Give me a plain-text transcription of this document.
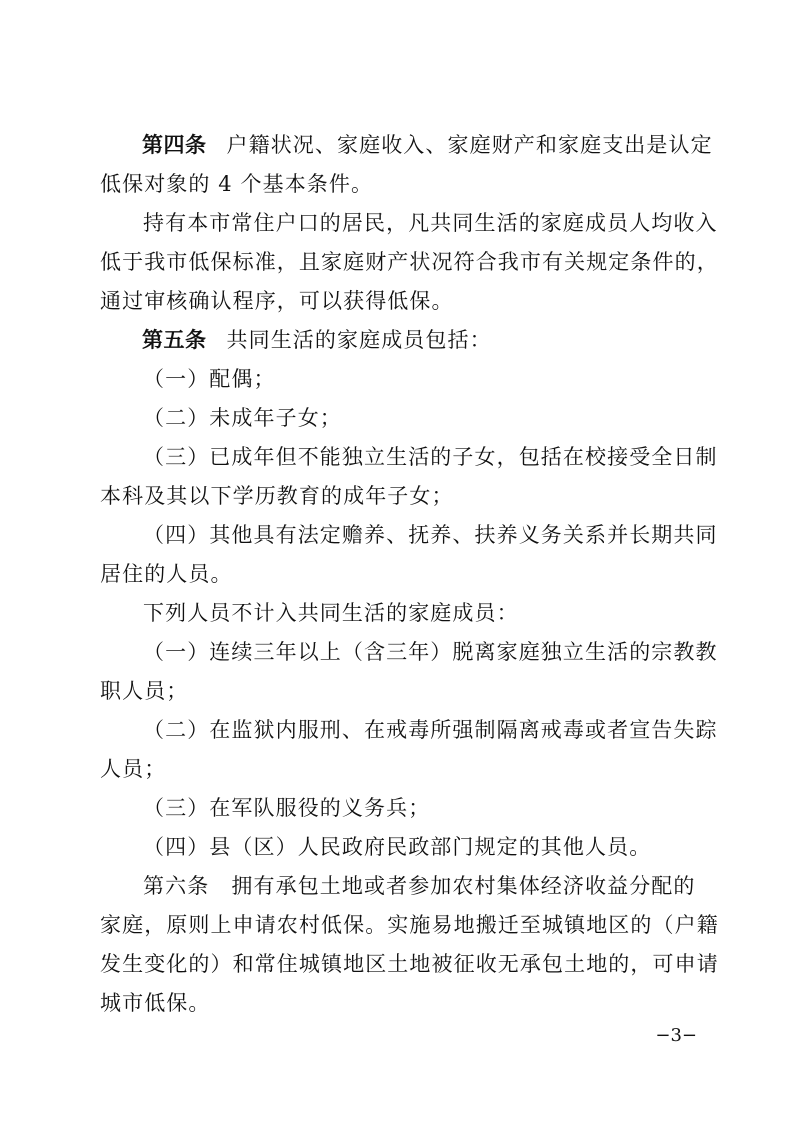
第四条 户籍状况、家庭收入、家庭财产和家庭支出是认定
低保对象的 4 个基本条件。
持有本市常住户口的居民，凡共同生活的家庭成员人均收入
低于我市低保标准，且家庭财产状况符合我市有关规定条件的，
通过审核确认程序，可以获得低保。
第五条 共同生活的家庭成员包括：
（一）配偶；
（二）未成年子女；
（三）已成年但不能独立生活的子女，包括在校接受全日制
本科及其以下学历教育的成年子女；
（四）其他具有法定赡养、抚养、扶养义务关系并长期共同
居住的人员。
下列人员不计入共同生活的家庭成员：
（一）连续三年以上（含三年）脱离家庭独立生活的宗教教
职人员；
（二）在监狱内服刑、在戒毒所强制隔离戒毒或者宣告失踪
人员；
（三）在军队服役的义务兵；
（四）县（区）人民政府民政部门规定的其他人员。
第六条　拥有承包土地或者参加农村集体经济收益分配的
家庭，原则上申请农村低保。实施易地搬迁至城镇地区的（户籍
发生变化的）和常住城镇地区土地被征收无承包土地的，可申请
城市低保。
−3−
